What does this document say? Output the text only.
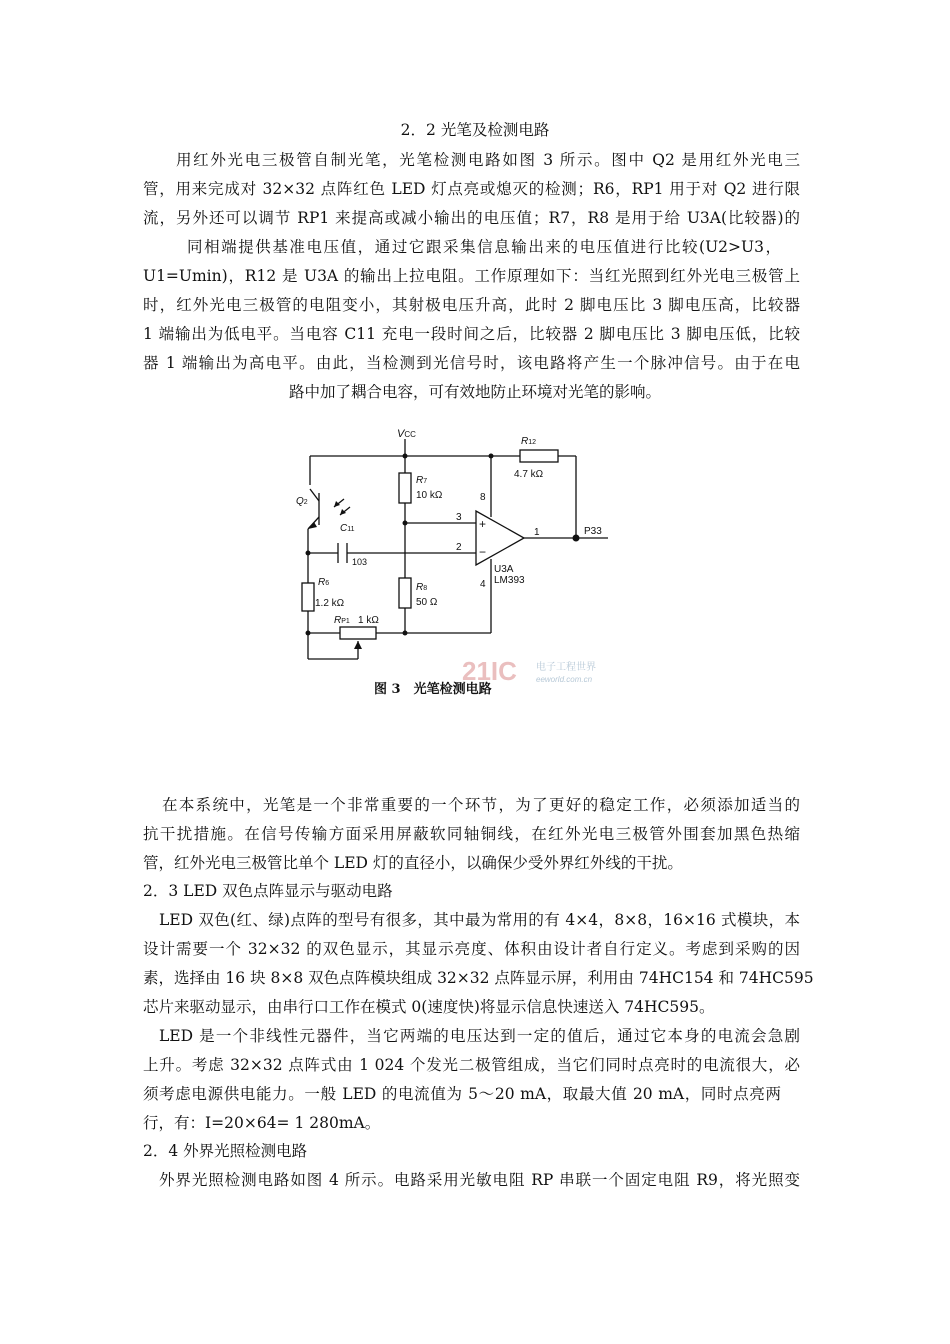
2．2 光笔及检测电路
用红外光电三极管自制光笔，光笔检测电路如图 3 所示。图中 Q2 是用红外光电三
管，用来完成对 32×32 点阵红色 LED 灯点亮或熄灭的检测；R6，RP1 用于对 Q2 进行限
流，另外还可以调节 RP1 来提高或减小输出的电压值；R7，R8 是用于给 U3A(比较器)的
同相端提供基准电压值，通过它跟采集信息输出来的电压值进行比较(U2>U3，
U1=Umin)，R12 是 U3A 的输出上拉电阻。工作原理如下：当红光照到红外光电三极管上
时，红外光电三极管的电阻变小，其射极电压升高，此时 2 脚电压比 3 脚电压高，比较器
1 端输出为低电平。当电容 C11 充电一段时间之后，比较器 2 脚电压比 3 脚电压低，比较
器 1 端输出为高电平。由此，当检测到光信号时，该电路将产生一个脉冲信号。由于在电
路中加了耦合电容，可有效地防止环境对光笔的影响。
VCC
R12
4.7 kΩ
R7
10 kΩ
C11
103
Q2
R6
1.2 kΩ
R8
50 Ω
RP1 1 kΩ
8
3
2
1
4
+
−
U3A
LM393
P33
21IC 电子工程世界
eeworld.com.cn
图 3　光笔检测电路
在本系统中，光笔是一个非常重要的一个环节，为了更好的稳定工作，必须添加适当的
抗干扰措施。在信号传输方面采用屏蔽软同轴铜线，在红外光电三极管外围套加黑色热缩
管，红外光电三极管比单个 LED 灯的直径小，以确保少受外界红外线的干扰。
2．3 LED 双色点阵显示与驱动电路
LED 双色(红、绿)点阵的型号有很多，其中最为常用的有 4×4，8×8，16×16 式模块，本
设计需要一个 32×32 的双色显示，其显示亮度、体积由设计者自行定义。考虑到采购的因
素，选择由 16 块 8×8 双色点阵模块组成 32×32 点阵显示屏，利用由 74HC154 和 74HC595
芯片来驱动显示，由串行口工作在模式 0(速度快)将显示信息快速送入 74HC595。
LED 是一个非线性元器件，当它两端的电压达到一定的值后，通过它本身的电流会急剧
上升。考虑 32×32 点阵式由 1 024 个发光二极管组成，当它们同时点亮时的电流很大，必
须考虑电源供电能力。一般 LED 的电流值为 5～20 mA，取最大值 20 mA，同时点亮两
行，有：I=20×64= 1 280mA。
2．4 外界光照检测电路
外界光照检测电路如图 4 所示。电路采用光敏电阻 RP 串联一个固定电阻 R9，将光照变
